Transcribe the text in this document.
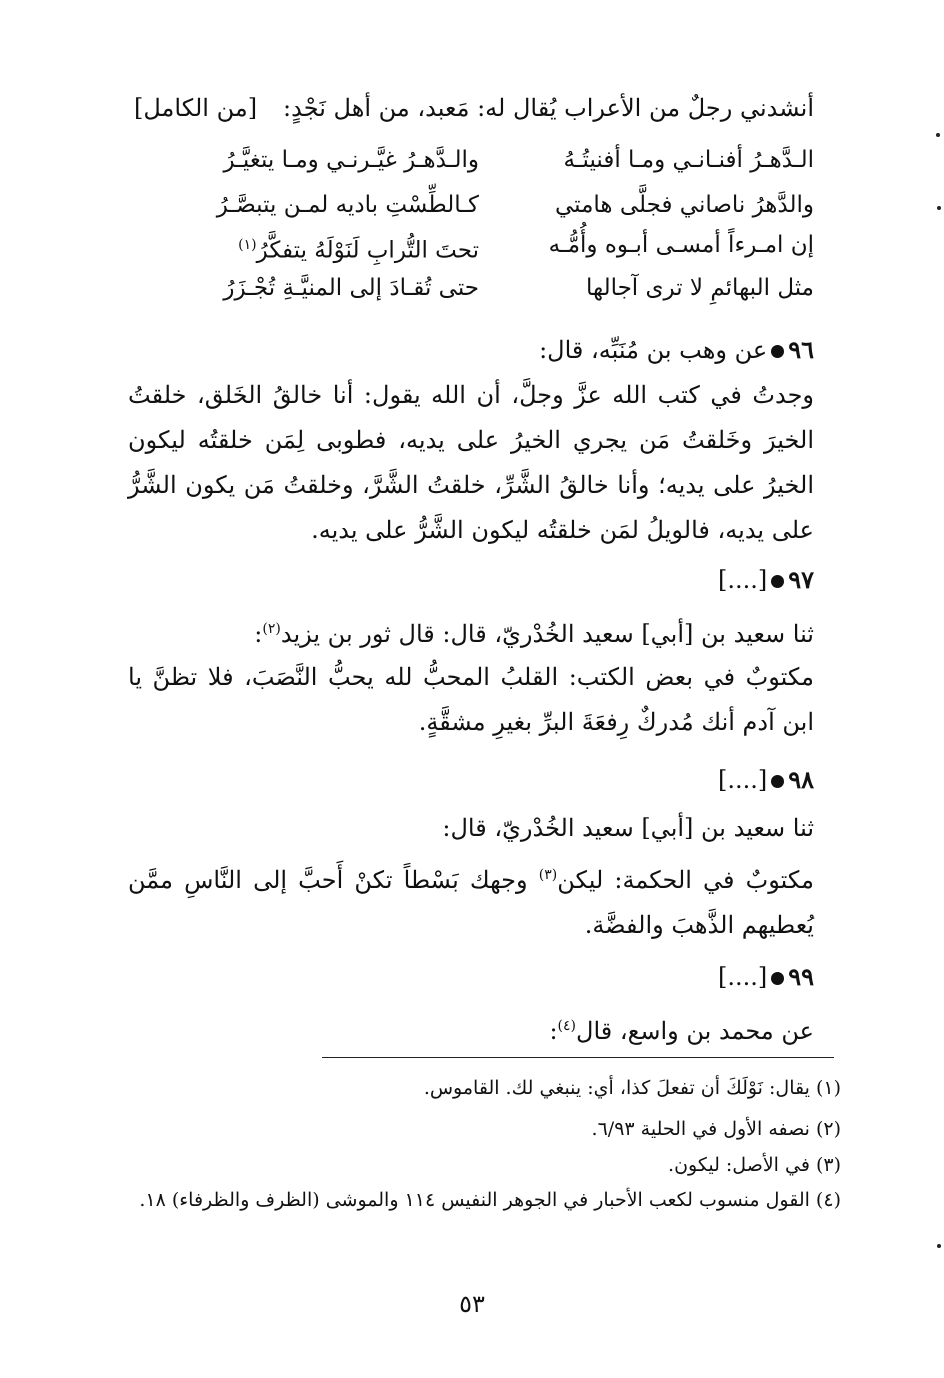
أنشدني رجلٌ من الأعراب يُقال له: مَعبد، من أهل نَجْدٍ:
[من الكامل]
الـدَّهـرُ أفنـانـي ومـا أفنيتُـهُ
والـدَّهـرُ غيَّـرنـي ومـا يتغيَّـرُ
والدَّهرُ ناصاني فجلَّى هامتي
كـالطِّسْتِ باديه لمـن يتبصَّـرُ
إن امـرءاً أمسـى أبـوه وأُمُّـه
تحتَ التُّرابِ لَنَوْلَهُ يتفكَّرُ$^{(١)}$
مثل البهائمِ لا ترى آجالها
حتى تُقـادَ إلى المنيَّـةِ تُجْـزَرُ
٩٦عن وهب بن مُنَبِّه، قال:
وجدتُ في كتب الله عزَّ وجلَّ، أن الله يقول: أنا خالقُ الخَلق، خلقتُ الخيرَ وخَلقتُ مَن يجري الخيرُ على يديه، فطوبى لِمَن خلقتُه ليكون الخيرُ على يديه؛ وأنا خالقُ الشَّرِّ، خلقتُ الشَّرَّ، وخلقتُ مَن يكون الشَّرُّ على يديه، فالويلُ لمَن خلقتُه ليكون الشَّرُّ على يديه.
٩٧[....]
ثنا سعيد بن [أبي] سعيد الخُدْريّ، قال: قال ثور بن يزيد$^{(٢)}$:
مكتوبٌ في بعض الكتب: القلبُ المحبُّ لله يحبُّ النَّصَبَ، فلا تظنَّ يا ابن آدم أنك مُدركٌ رِفعَةَ البرِّ بغيرِ مشقَّةٍ.
٩٨[....]
ثنا سعيد بن [أبي] سعيد الخُدْريّ، قال:
مكتوبٌ في الحكمة: ليكن$^{(٣)}$ وجهك بَسْطاً تكنْ أَحبَّ إلى النَّاسِ ممَّن يُعطيهم الذَّهبَ والفضَّة.
٩٩[....]
عن محمد بن واسع، قال$^{(٤)}$:
(١) يقال: نَوْلَكَ أن تفعلَ كذا، أي: ينبغي لك. القاموس.
(٢) نصفه الأول في الحلية ٦/٩٣.
(٣) في الأصل: ليكون.
(٤) القول منسوب لكعب الأحبار في الجوهر النفيس ١١٤ والموشى (الظرف والظرفاء) ١٨.
٥٣
